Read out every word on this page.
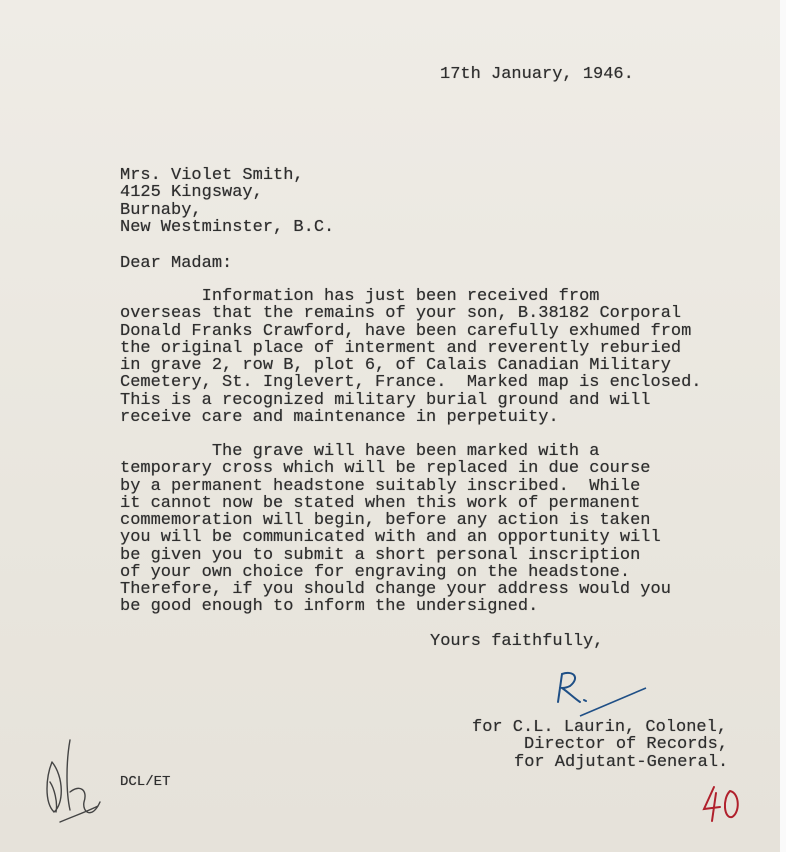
17th January, 1946.
Mrs. Violet Smith,
4125 Kingsway,
Burnaby,
New Westminster, B.C.
Dear Madam:
Information has just been received from
overseas that the remains of your son, B.38182 Corporal
Donald Franks Crawford, have been carefully exhumed from
the original place of interment and reverently reburied
in grave 2, row B, plot 6, of Calais Canadian Military
Cemetery, St. Inglevert, France.  Marked map is enclosed.
This is a recognized military burial ground and will
receive care and maintenance in perpetuity.
The grave will have been marked with a
temporary cross which will be replaced in due course
by a permanent headstone suitably inscribed.  While
it cannot now be stated when this work of permanent
commemoration will begin, before any action is taken
you will be communicated with and an opportunity will
be given you to submit a short personal inscription
of your own choice for engraving on the headstone.
Therefore, if you should change your address would you
be good enough to inform the undersigned.
Yours faithfully,
for C.L. Laurin, Colonel,
Director of Records,
for Adjutant-General.
DCL/ET
